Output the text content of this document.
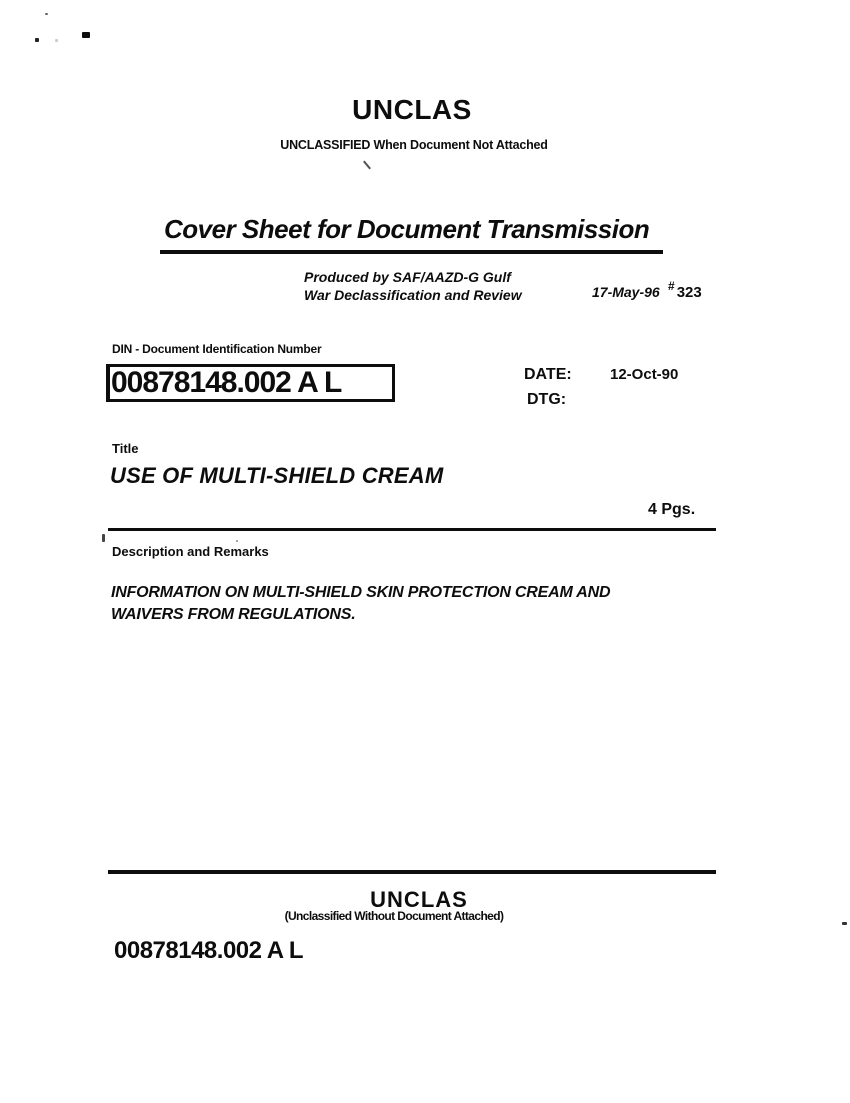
UNCLAS
UNCLASSIFIED When Document Not Attached
Cover Sheet for Document Transmission
Produced by SAF/AAZD-G Gulf
War Declassification and Review	17-May-96 # 323
DIN - Document Identification Number
00878148.002 A L	DATE:	12-Oct-90
DTG:
Title
USE OF MULTI-SHIELD CREAM
4 Pgs.
Description and Remarks
INFORMATION ON MULTI-SHIELD SKIN PROTECTION CREAM AND
WAIVERS FROM REGULATIONS.
UNCLAS
(Unclassified Without Document Attached)
00878148.002 A L
